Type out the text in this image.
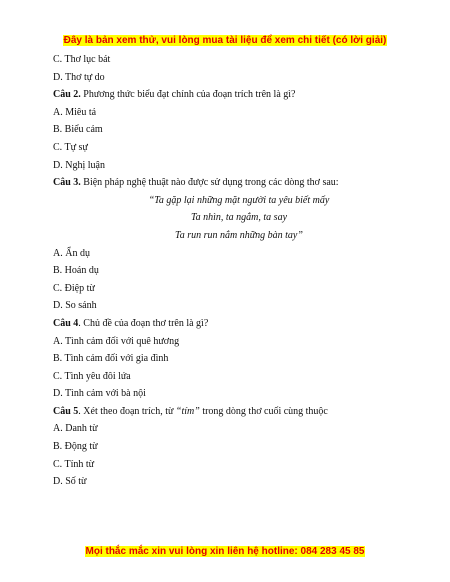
Đây là bản xem thử, vui lòng mua tài liệu để xem chi tiết (có lời giải)
C. Thơ lục bát
D. Thơ tự do
Câu 2. Phương thức biểu đạt chính của đoạn trích trên là gì?
A. Miêu tả
B. Biểu cảm
C. Tự sự
D. Nghị luận
Câu 3. Biện pháp nghệ thuật nào được sử dụng trong các dòng thơ sau:
“Ta gặp lại những mặt người ta yêu biết mấy
Ta nhìn, ta ngắm, ta say
Ta run run nắm những bàn tay”
A. Ẩn dụ
B. Hoán dụ
C. Điệp từ
D. So sánh
Câu 4. Chủ đề của đoạn thơ trên là gì?
A. Tình cảm đối với quê hương
B. Tình cảm đối với gia đình
C. Tình yêu đôi lứa
D. Tình cảm với bà nội
Câu 5. Xét theo đoạn trích, từ “tím” trong dòng thơ cuối cùng thuộc
A. Danh từ
B. Động từ
C. Tính từ
D. Số từ
Mọi thắc mắc xin vui lòng xin liên hệ hotline: 084 283 45 85
